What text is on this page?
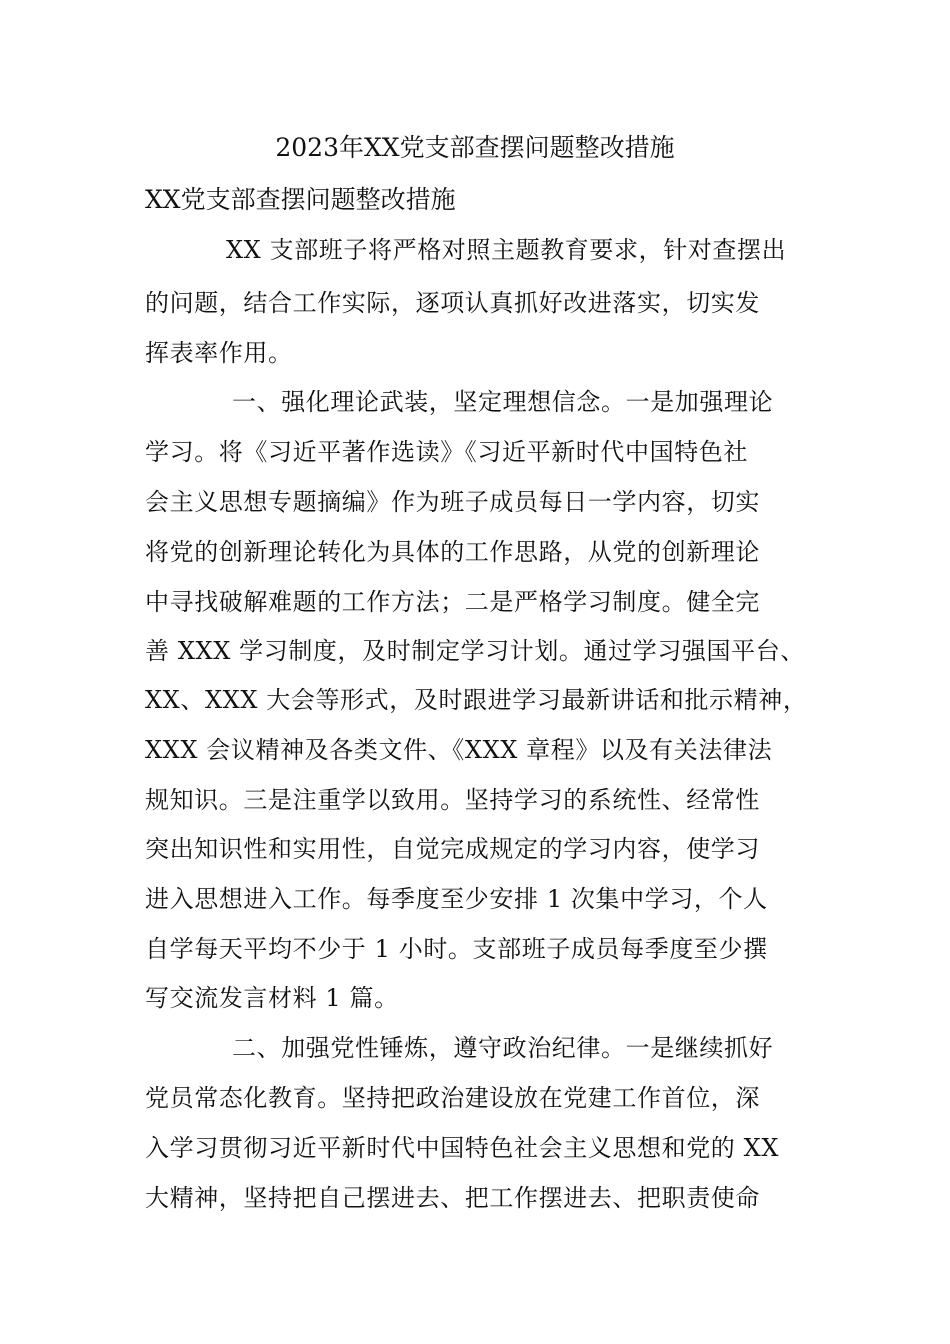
2023年XX党支部查摆问题整改措施
XX党支部查摆问题整改措施
XX 支部班子将严格对照主题教育要求，针对查摆出
的问题，结合工作实际，逐项认真抓好改进落实，切实发
挥表率作用。
一、强化理论武装，坚定理想信念。一是加强理论
学习。将《习近平著作选读》《习近平新时代中国特色社
会主义思想专题摘编》作为班子成员每日一学内容，切实
将党的创新理论转化为具体的工作思路，从党的创新理论
中寻找破解难题的工作方法；二是严格学习制度。健全完
善 XXX 学习制度，及时制定学习计划。通过学习强国平台、
XX、XXX 大会等形式，及时跟进学习最新讲话和批示精神，
XXX 会议精神及各类文件、《XXX 章程》以及有关法律法
规知识。三是注重学以致用。坚持学习的系统性、经常性
突出知识性和实用性，自觉完成规定的学习内容，使学习
进入思想进入工作。每季度至少安排 1 次集中学习，个人
自学每天平均不少于 1 小时。支部班子成员每季度至少撰
写交流发言材料 1 篇。
二、加强党性锤炼，遵守政治纪律。一是继续抓好
党员常态化教育。坚持把政治建设放在党建工作首位，深
入学习贯彻习近平新时代中国特色社会主义思想和党的 XX
大精神，坚持把自己摆进去、把工作摆进去、把职责使命
